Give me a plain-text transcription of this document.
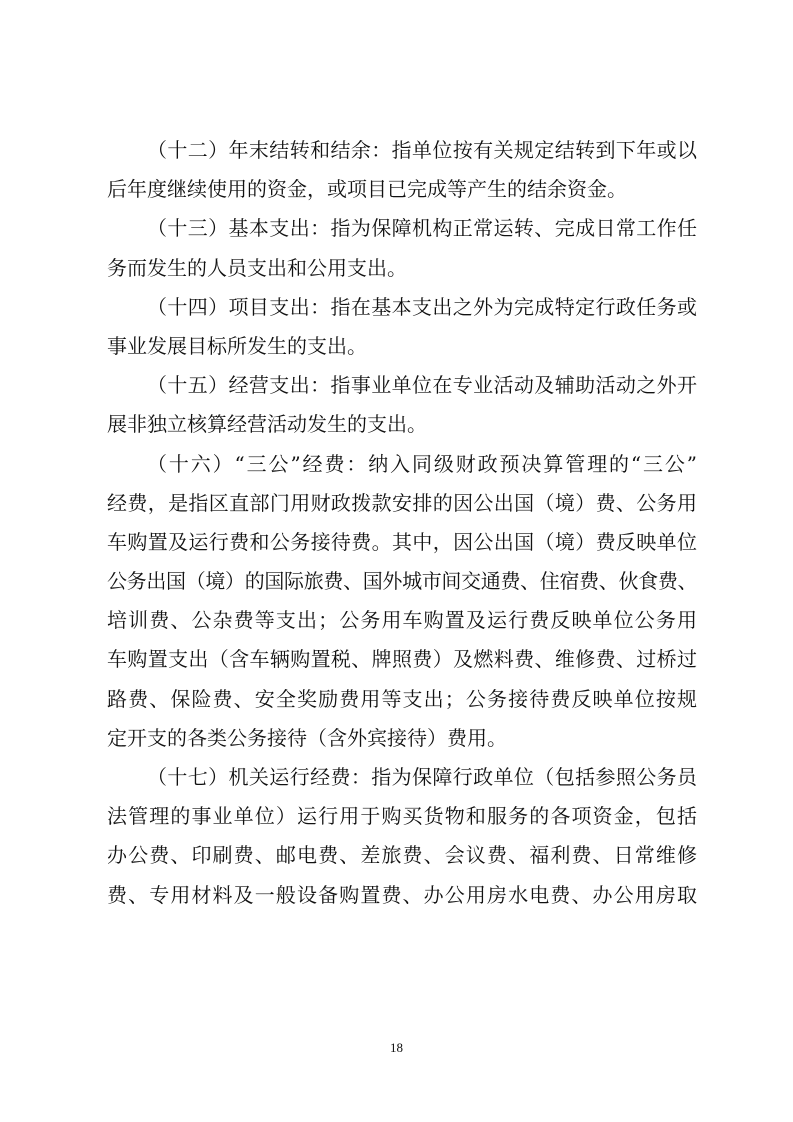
（十二）年末结转和结余：指单位按有关规定结转到下年或以
后年度继续使用的资金，或项目已完成等产生的结余资金。
（十三）基本支出：指为保障机构正常运转、完成日常工作任
务而发生的人员支出和公用支出。
（十四）项目支出：指在基本支出之外为完成特定行政任务或
事业发展目标所发生的支出。
（十五）经营支出：指事业单位在专业活动及辅助活动之外开
展非独立核算经营活动发生的支出。
（十六）“三公”经费：纳入同级财政预决算管理的“三公”
经费，是指区直部门用财政拨款安排的因公出国（境）费、公务用
车购置及运行费和公务接待费。其中，因公出国（境）费反映单位
公务出国（境）的国际旅费、国外城市间交通费、住宿费、伙食费、
培训费、公杂费等支出；公务用车购置及运行费反映单位公务用
车购置支出（含车辆购置税、牌照费）及燃料费、维修费、过桥过
路费、保险费、安全奖励费用等支出；公务接待费反映单位按规
定开支的各类公务接待（含外宾接待）费用。
（十七）机关运行经费：指为保障行政单位（包括参照公务员
法管理的事业单位）运行用于购买货物和服务的各项资金，包括
办公费、印刷费、邮电费、差旅费、会议费、福利费、日常维修
费、专用材料及一般设备购置费、办公用房水电费、办公用房取
18
